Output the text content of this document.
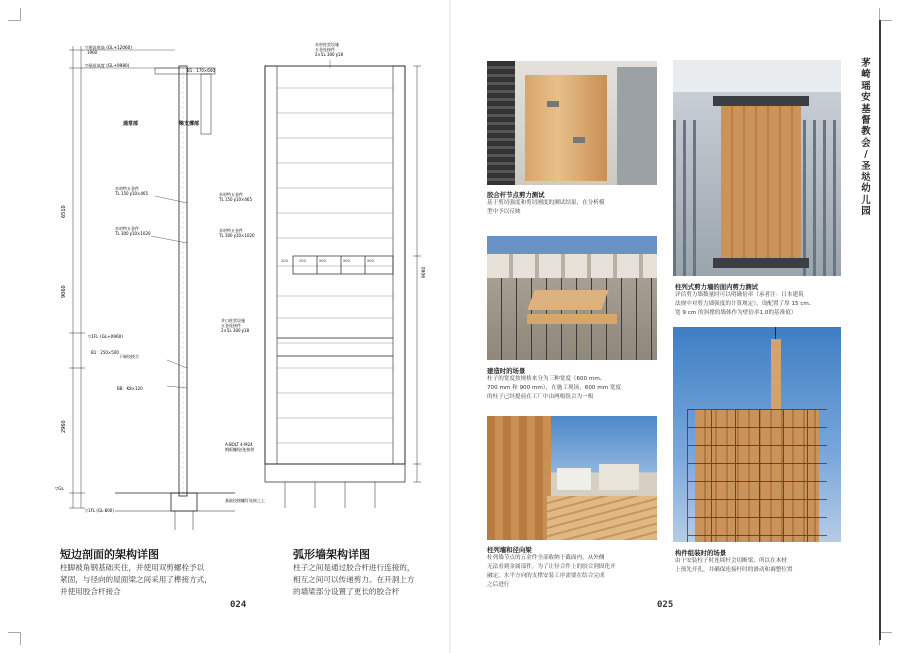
6510
9060
2960
1960
▽建高底高 (GL+12060)
▽屋面高度 (GL+9980)
▽1FL (GL+0960)
B1：250×500
▽GL
▽1FL (GL-800)
B1：170×600
通常部	梁支撑部
木材特五金件 TL 150 ∮10×465
木材特五金件 TL 300 ∮10×1020
下端铰接合
BB：K8×120
木材柱状设施五金连接件 2×5L 300 ∮18
木材特五金件 TL 150 ∮10×465
木材特五金件 TL 300 ∮10×1020
并口柱状设施五金连接件 2×5L 300 ∮18
A-BOLT 4-M24 钢板螺栓/连接铁
200	200	900	900	900
基础铰接螺钉连接之上
9060
短边剖面的架构详图
柱脚被角钢基础夹住，并使用双剪螺栓予以
紧固，与径向的屋面梁之间采用了榫接方式，
并使用胶合杆接合
弧形墙架构详图
柱子之间是通过胶合杆进行连接的，
相互之间可以传递剪力。在开洞上方
的墙梁部分设置了更长的胶合杆
024
胶合杆节点剪力测试
基于剪切强度和剪切刚度的测试结果，在分析模
型中予以反映
柱列式剪力墙的面内剪力测试
评估剪力墙数量时可以明确倍率（承者注：日本建筑
法规中对剪力墙强度的计算规定），设配置了厚 15 cm、
宽 9 cm 的斜撑的墙体作为壁倍率1.0的基准值）
建造时的场景
柱子的宽度按规格来分为三种宽度（600 mm、
700 mm 和 900 mm），在施工现场，600 mm 宽度
的柱子已经提前在工厂中由两根组合为一根
柱列墙和径向梁
柱列墙节点的五金件全部收纳于截面内，从外侧
无法看到金属部件。为了让径合件上的胶合剂固化开
融定，水平方向的支撑安装工序需要在结合完成
之后进行
构件组装时的场景
由于安装柱子时连续杆会切断梁，所以在木材
上预先开孔，并确保连接杆时的滑动和调整位置
025
茅
崎
瑶
安
基
督
教
会
/
圣
垯
幼
儿
园
